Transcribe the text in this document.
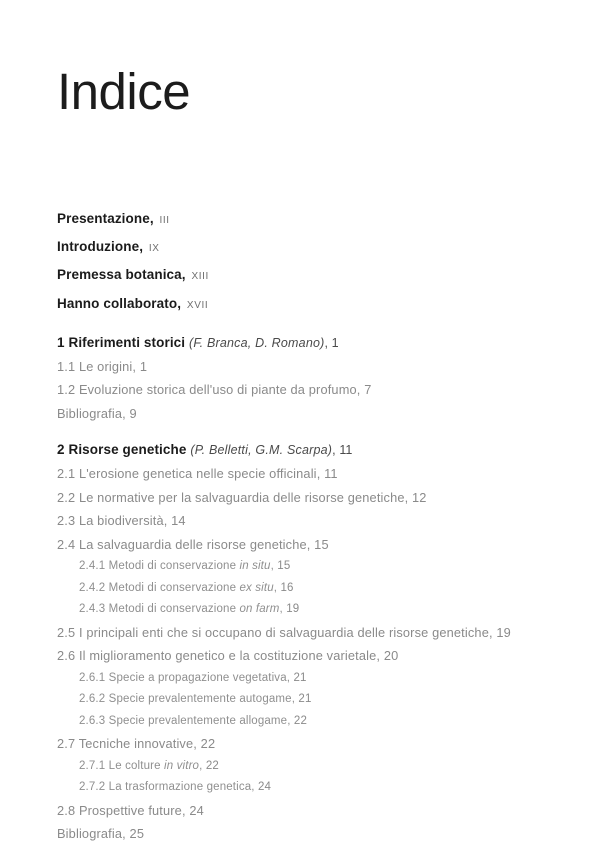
Indice
Presentazione, III
Introduzione, IX
Premessa botanica, XIII
Hanno collaborato, XVII
1 Riferimenti storici (F. Branca, D. Romano), 1
1.1 Le origini, 1
1.2 Evoluzione storica dell'uso di piante da profumo, 7
Bibliografia, 9
2 Risorse genetiche (P. Belletti, G.M. Scarpa), 11
2.1 L'erosione genetica nelle specie officinali, 11
2.2 Le normative per la salvaguardia delle risorse genetiche, 12
2.3 La biodiversità, 14
2.4 La salvaguardia delle risorse genetiche, 15
2.4.1 Metodi di conservazione in situ, 15
2.4.2 Metodi di conservazione ex situ, 16
2.4.3 Metodi di conservazione on farm, 19
2.5 I principali enti che si occupano di salvaguardia delle risorse genetiche, 19
2.6 Il miglioramento genetico e la costituzione varietale, 20
2.6.1 Specie a propagazione vegetativa, 21
2.6.2 Specie prevalentemente autogame, 21
2.6.3 Specie prevalentemente allogame, 22
2.7 Tecniche innovative, 22
2.7.1 Le colture in vitro, 22
2.7.2 La trasformazione genetica, 24
2.8 Prospettive future, 24
Bibliografia, 25
